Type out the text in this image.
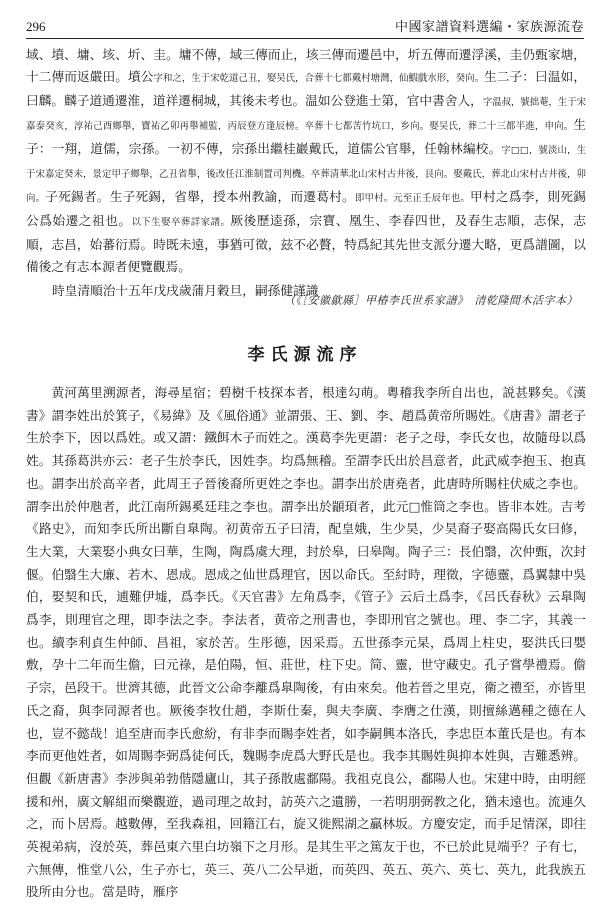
296	中國家譜資料選編・家族源流卷

域、墳、墉、垓、圻、圭。墉不傳，域三傳而止，垓三傳而遷邑中，圻五傳而遷浮溪，圭仍甄家塘，十二傳而返嚴田。墳公字和之，生于宋乾道己丑，娶吴氏，合葬十七都戴村塘灣，仙鰕戲水形，癸向。生二子：曰温如，曰麟。麟子道通遷淮，道祥遷桐城，其後未考也。温如公登進士第，官中書舍人，字温叔，號拙菴，生于宋嘉泰癸亥，淳祐己酉鄉舉，寶祐乙卯再舉補監，丙辰登方逢辰榜。卒葬十七都苦竹坑口，乡向。娶吴氏，葬二十三都半進，申向。生子：一翔，道儒，宗孫。一初不傳，宗孫出繼桂巖戴氏，道儒公官舉，任翰林編校。字□□，號淡山，生于宋嘉定癸未，景定甲子鄉舉，乙丑省舉，後改任江淮制置司判機。卒葬清華北山宋村古井後，艮向。娶戴氏，葬北山宋村古井後，卯向。子死錫者。生子死錫，省舉，授本州教諭，而遷葛村。即甲村。元至正壬辰年也。甲村之爲李，則死錫公爲始遷之祖也。以下生娶卒葬詳家譜。厥後歷逵孫，宗寶、凰生、李春四世，及春生志順，志保，志順，志昌，始蕃衍焉。時既未遠，事猶可徵，玆不必贅，特爲紀其先世支派分遷大略，更爲譜圖，以備後之有志本源者便覽觀焉。

時皇清順治十五年戊戌歲蒲月穀旦，嗣孫健謹識

（《［安徽歙縣］甲椿李氏世系家譜》　清乾隆間木活字本）
李氏源流序

黄河萬里溯源者，海尋星宿；碧樹千枝探本者，根達勾萌。粵稽我李所自出也，説甚夥矣。《漢書》謂李姓出於箕子，《易緯》及《風俗通》並謂張、王、劉、李、趙爲黄帝所賜姓。《唐書》謂老子生於李下，因以爲姓。或又謂：鐵餌木子而姓之。漢葛李先更謂：老子之母，李氏女也，故隨母以爲姓。其孫葛洪亦云：老子生於李氏，因姓李。均爲無稽。至謂李氏出於昌意者，此武威李抱玉、抱真也。謂李出於高辛者，此周王子晉後裔所更姓之李也。謂李出於唐堯者，此唐時所賜柱伏威之李也。謂李出於仲虺者，此江南所錫奚廷珪之李也。謂李出於顓頊者，此元□惟筒之李也。皆非本姓。吉考《路史》，而知李氏所出斷自臯陶。初黄帝五子曰清，配皇娥，生少昊，少昊裔子娶高陽氏女曰修，生大業，大業娶小典女曰華，生陶，陶爲虞大理，封於皋，曰皋陶。陶子三：長伯翳，次仲甄，次封偃。伯翳生大廉、若木、恩成。恩成之仙世爲理官，因以命氏。至紂時，理徵，字德靈，爲翼隸中吳伯，娶契和氏，逋難伊墟，爲李氏。《天官書》左角爲李，《管子》云后土爲李，《呂氏春秋》云臯陶爲李，則理官之理，即李法之李。李法者，黄帝之刑書也，李即刑官之號也。理、李二字，其義一也。續李利貞生仲師、昌祖，家於苦。生彤德，因采焉。五世孫李元杲，爲周上柱史，娶洪氏曰嬰敷，孕十二年而生儋，曰元祿，是伯陽，恒、莊世，柱下史。简、靈，世守藏史。孔子嘗學禮焉。儋子宗，邑段干。世濟其德，此晉文公命李離爲臯陶後，有由來矣。他若晉之里克，衛之禮至，亦皆里氏之裔，與李同源者也。厥後李牧仕趙，李斯仕秦，與夫李廣、李膺之仕漢，則擅絲邁種之德在人也，豈不懿哉！追至唐而李氏愈紛，有非李而賜李姓者，如李嗣興本洛氏，李忠臣本董氏是也。有本李而更他姓者，如周賜李弼爲徒何氏，魏賜李虎爲大野氏是也。我李其賜姓與抑本姓與，吉難悉辨。但觀《新唐書》李涉與弟勃偕隱廬山，其子孫散處鄱陽。我祖克良公，鄱陽人也。宋建中時，由明經援和州，廣文解組而樂觀遊，過司理之故封，訪英六之遺勝，一若明朋弼教之化，猶未遠也。流連久之，而卜居焉。越數傳，至我森祖，回籍江右，旋又徙熙湖之贏林坂。方慶安定，而手足情深，即往英視弟病，沒於英，葬邑東六里白坊嶺下之月形。是其生平之篤友于也，不已於此見端乎？子有七，六無傳，惟堂八公，生子亦七，英三、英八二公早逝，而英四、英五、英六、英七、英九，此我族五股所由分也。當是時，雁序
